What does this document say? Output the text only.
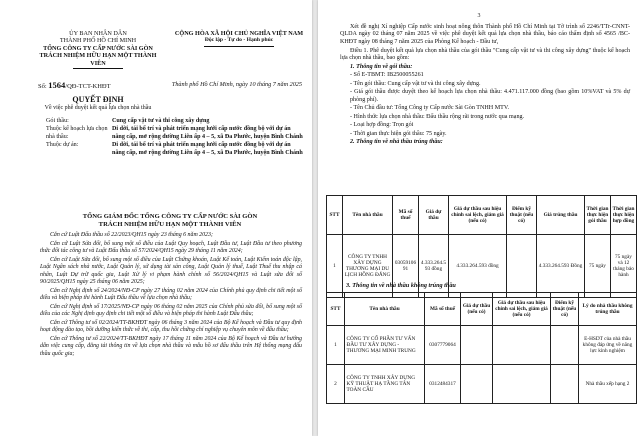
ỦY BAN NHÂN DÂN
THÀNH PHỐ HỒ CHÍ MINH
TỔNG CÔNG TY CẤP NƯỚC SÀI GÒN
TRÁCH NHIỆM HỮU HẠN MỘT THÀNH VIÊN
CỘNG HÒA XÃ HỘI CHỦ NGHĨA VIỆT NAM
Độc lập - Tự do - Hạnh phúc
Số: 1564/QĐ-TCT-KHĐT	Thành phố Hồ Chí Minh, ngày 10 tháng 7 năm 2025
QUYẾT ĐỊNH
Về việc phê duyệt kết quả lựa chọn nhà thầu
Gói thầu:	Cung cấp vật tư và thi công xây dựng
Thuộc kế hoạch lựa chọn nhà thầu:
Di dời, tái bố trí và phát triển mạng lưới cấp nước đồng bộ với dự án nâng cấp, mở rộng đường Liên ấp 4 – 5, xã Đa Phước, huyện Bình Chánh
Thuộc dự án:	Di dời, tái bố trí và phát triển mạng lưới cấp nước đồng bộ với dự án nâng cấp, mở rộng đường Liên ấp 4 – 5, xã Đa Phước, huyện Bình Chánh
TỔNG GIÁM ĐỐC TỔNG CÔNG TY CẤP NƯỚC SÀI GÒN
TRÁCH NHIỆM HỮU HẠN MỘT THÀNH VIÊN

Căn cứ Luật Đấu thầu số 22/2023/QH15 ngày 23 tháng 6 năm 2023;

Căn cứ Luật Sửa đổi, bổ sung một số điều của Luật Quy hoạch, Luật Đầu tư, Luật Đầu tư theo phương thức đối tác công tư và Luật Đấu thầu số 57/2024/QH15 ngày 29 tháng 11 năm 2024;

Căn cứ Luật Sửa đổi, bổ sung một số điều của Luật Chứng khoán, Luật Kế toán, Luật Kiểm toán độc lập, Luật Ngân sách nhà nước, Luật Quản lý, sử dụng tài sản công, Luật Quản lý thuế, Luật Thuế thu nhập cá nhân, Luật Dự trữ quốc gia, Luật Xử lý vi phạm hành chính số 56/2024/QH15 và Luật sửa đổi số 90/2025/QH15 ngày 25 tháng 06 năm 2025;

Căn cứ Nghị định số 24/2024/NĐ-CP ngày 27 tháng 02 năm 2024 của Chính phủ quy định chi tiết một số điều và biện pháp thi hành Luật Đấu thầu về lựa chọn nhà thầu;

Căn cứ Nghị định số 17/2025/NĐ-CP ngày 06 tháng 02 năm 2025 của Chính phủ sửa đổi, bổ sung một số điều của các Nghị định quy định chi tiết một số điều và biện pháp thi hành Luật Đấu thầu;

Căn cứ Thông tư số 02/2024/TT-BKHĐT ngày 06 tháng 3 năm 2024 của Bộ Kế hoạch và Đầu tư quy định hoạt động đào tạo, bồi dưỡng kiến thức về thi, cấp, thu hồi chứng chỉ nghiệp vụ chuyên môn về đấu thầu;

Căn cứ Thông tư số 22/2024/TT-BKHĐT ngày 17 tháng 11 năm 2024 của Bộ Kế hoạch và Đầu tư hướng dẫn việc cung cấp, đăng tải thông tin về lựa chọn nhà thầu và mẫu hồ sơ đấu thầu trên Hệ thống mạng đấu thầu quốc gia;

3

Xét đề nghị Xí nghiệp Cấp nước sinh hoạt nông thôn Thành phố Hồ Chí Minh tại Tờ trình số 2246/TTr-CNNT-QLDA ngày 02 tháng 07 năm 2025 về việc phê duyệt kết quả lựa chọn nhà thầu, báo cáo thẩm định số 4565 /BC-KHĐT ngày 08 tháng 7 năm 2025 của Phòng Kế hoạch - Đầu tư,

Điều 1. Phê duyệt kết quả lựa chọn nhà thầu của gói thầu "Cung cấp vật tư và thi công xây dựng" thuộc kế hoạch lựa chọn nhà thầu, bao gồm:

1. Thông tin về gói thầu:

- Số E-TBMT: IB2500055261

- Tên gói thầu: Cung cấp vật tư và thi công xây dựng.

- Giá gói thầu được duyệt theo kế hoạch lựa chọn nhà thầu: 4.471.117.000 đồng (bao gồm 10%VAT và 5% dự phòng phí).

- Tên Chủ đầu tư: Tổng Công ty Cấp nước Sài Gòn TNHH MTV.

- Hình thức lựa chọn nhà thầu: Đấu thầu rộng rãi trong nước qua mạng.

- Loại hợp đồng: Trọn gói

- Thời gian thực hiện gói thầu: 75 ngày.

2. Thông tin về nhà thầu trúng thầu:

STT	Tên nhà thầu	Mã số thuế	Giá dự thầu	Giá dự thầu sau hiệu chỉnh sai lệch, giảm giá (nếu có)	Điểm kỹ thuật (nếu có)	Giá trúng thầu	Thời gian thực hiện gói thầu	Thời gian thực hiện hợp đồng
1	CÔNG TY TNHH XÂY DỰNG THƯƠNG MẠI DU LỊCH HỒNG ĐĂNG	0305910691	4.333.264.593 đồng	4.333.264.593 đồng		4.333.264.593 Đồng	75 ngày	75 ngày và 12 tháng bảo hành
3. Thông tin về nhà thầu không trúng thầu
STT	Tên nhà thầu	Mã số thuế	Giá dự thầu (nếu có)	Giá dự thầu sau hiệu chỉnh sai lệch, giảm giá (nếu có)	Điểm kỹ thuật (nếu có)	Lý do nhà thầu không trúng thầu
1	CÔNG TY CỔ PHẦN TƯ VẤN ĐẦU TƯ XÂY DỰNG - THƯƠNG MẠI MINH TRUNG	0307779064				E-HSDT của nhà thầu không đáp ứng về năng lực kinh nghiệm
2	CÔNG TY TNHH XÂY DỰNG KỸ THUẬT HẠ TẦNG TÂN TOÀN CẦU	0312484317				Nhà thầu xếp hạng 2
